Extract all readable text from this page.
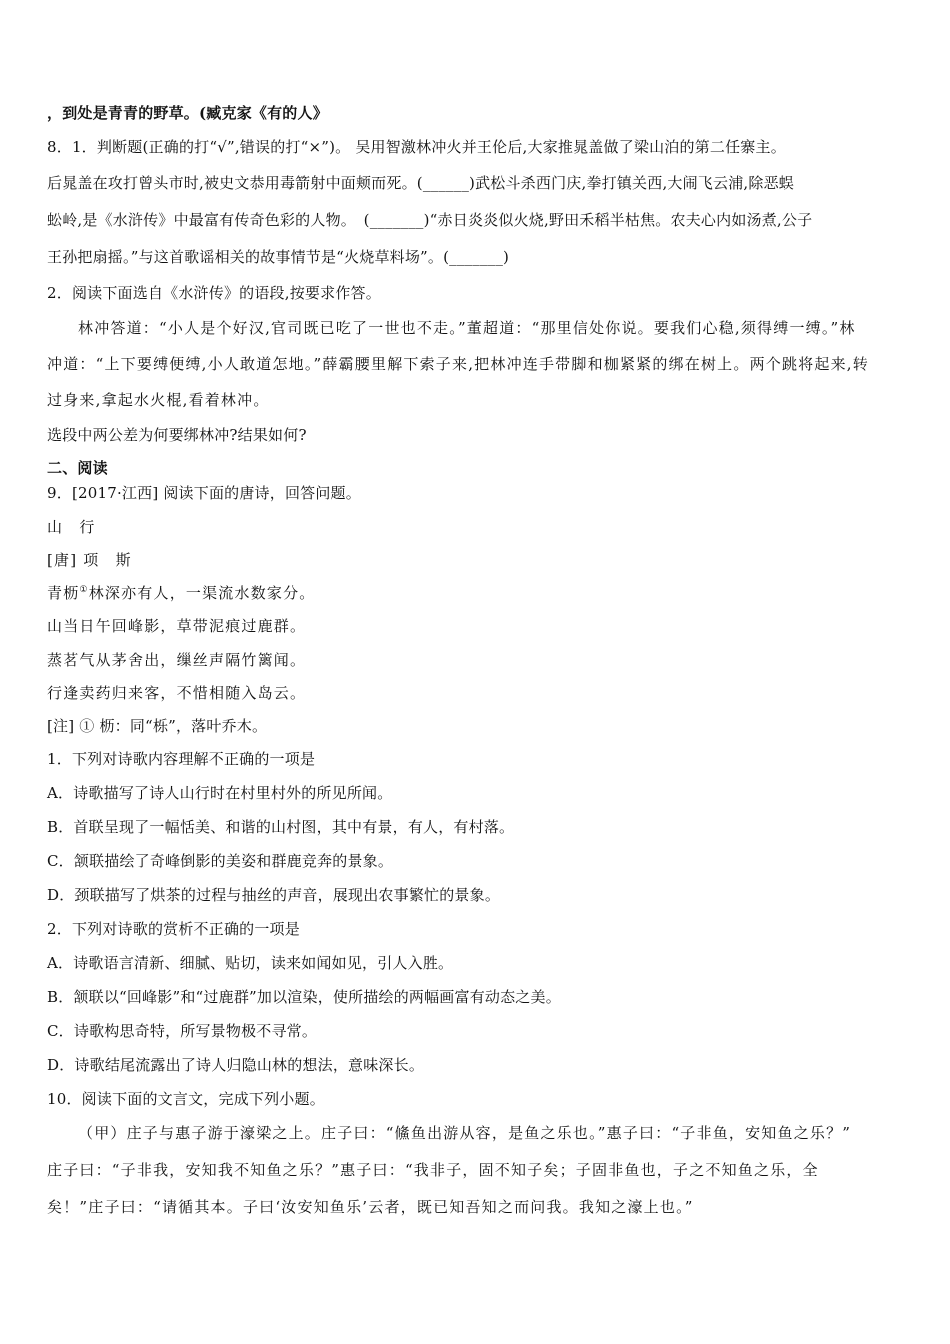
，到处是青青的野草。(臧克家《有的人》
8．1．判断题(正确的打“√”,错误的打“×”)。 吴用智激林冲火并王伦后,大家推晁盖做了梁山泊的第二任寨主。
后晁盖在攻打曾头市时,被史文恭用毒箭射中面颊而死。(______)武松斗杀西门庆,拳打镇关西,大闹飞云浦,除恶蜈
蚣岭,是《水浒传》中最富有传奇色彩的人物。　(_______)“赤日炎炎似火烧,野田禾稻半枯焦。农夫心内如汤煮,公子
王孙把扇摇。”与这首歌谣相关的故事情节是“火烧草料场”。(_______)
2．阅读下面选自《水浒传》的语段,按要求作答。
林冲答道：“小人是个好汉,官司既已吃了一世也不走。”董超道：“那里信处你说。要我们心稳,须得缚一缚。”林
冲道：“上下要缚便缚,小人敢道怎地。”薛霸腰里解下索子来,把林冲连手带脚和枷紧紧的绑在树上。两个跳将起来,转
过身来,拿起水火棍,看着林冲。
选段中两公差为何要绑林冲?结果如何?
二、阅读
9．[2017·江西] 阅读下面的唐诗，回答问题。
山　行
[唐] 项　斯
青枥①林深亦有人，一渠流水数家分。
山当日午回峰影，草带泥痕过鹿群。
蒸茗气从茅舍出，缫丝声隔竹篱闻。
行逢卖药归来客，不惜相随入岛云。
[注] ① 枥：同“栎”，落叶乔木。
1．下列对诗歌内容理解不正确的一项是
A．诗歌描写了诗人山行时在村里村外的所见所闻。
B．首联呈现了一幅恬美、和谐的山村图，其中有景，有人，有村落。
C．颔联描绘了奇峰倒影的美姿和群鹿竞奔的景象。
D．颈联描写了烘茶的过程与抽丝的声音，展现出农事繁忙的景象。
2．下列对诗歌的赏析不正确的一项是
A．诗歌语言清新、细腻、贴切，读来如闻如见，引人入胜。
B．颔联以“回峰影”和“过鹿群”加以渲染，使所描绘的两幅画富有动态之美。
C．诗歌构思奇特，所写景物极不寻常。
D．诗歌结尾流露出了诗人归隐山林的想法，意味深长。
10．阅读下面的文言文，完成下列小题。
（甲）庄子与惠子游于濠梁之上。庄子曰：“鯈鱼出游从容，是鱼之乐也。”惠子曰：“子非鱼，安知鱼之乐？”
庄子曰：“子非我，安知我不知鱼之乐？”惠子曰：“我非子，固不知子矣；子固非鱼也，子之不知鱼之乐，全
矣！”庄子曰：“请循其本。子曰‘汝安知鱼乐’云者，既已知吾知之而问我。我知之濠上也。”
